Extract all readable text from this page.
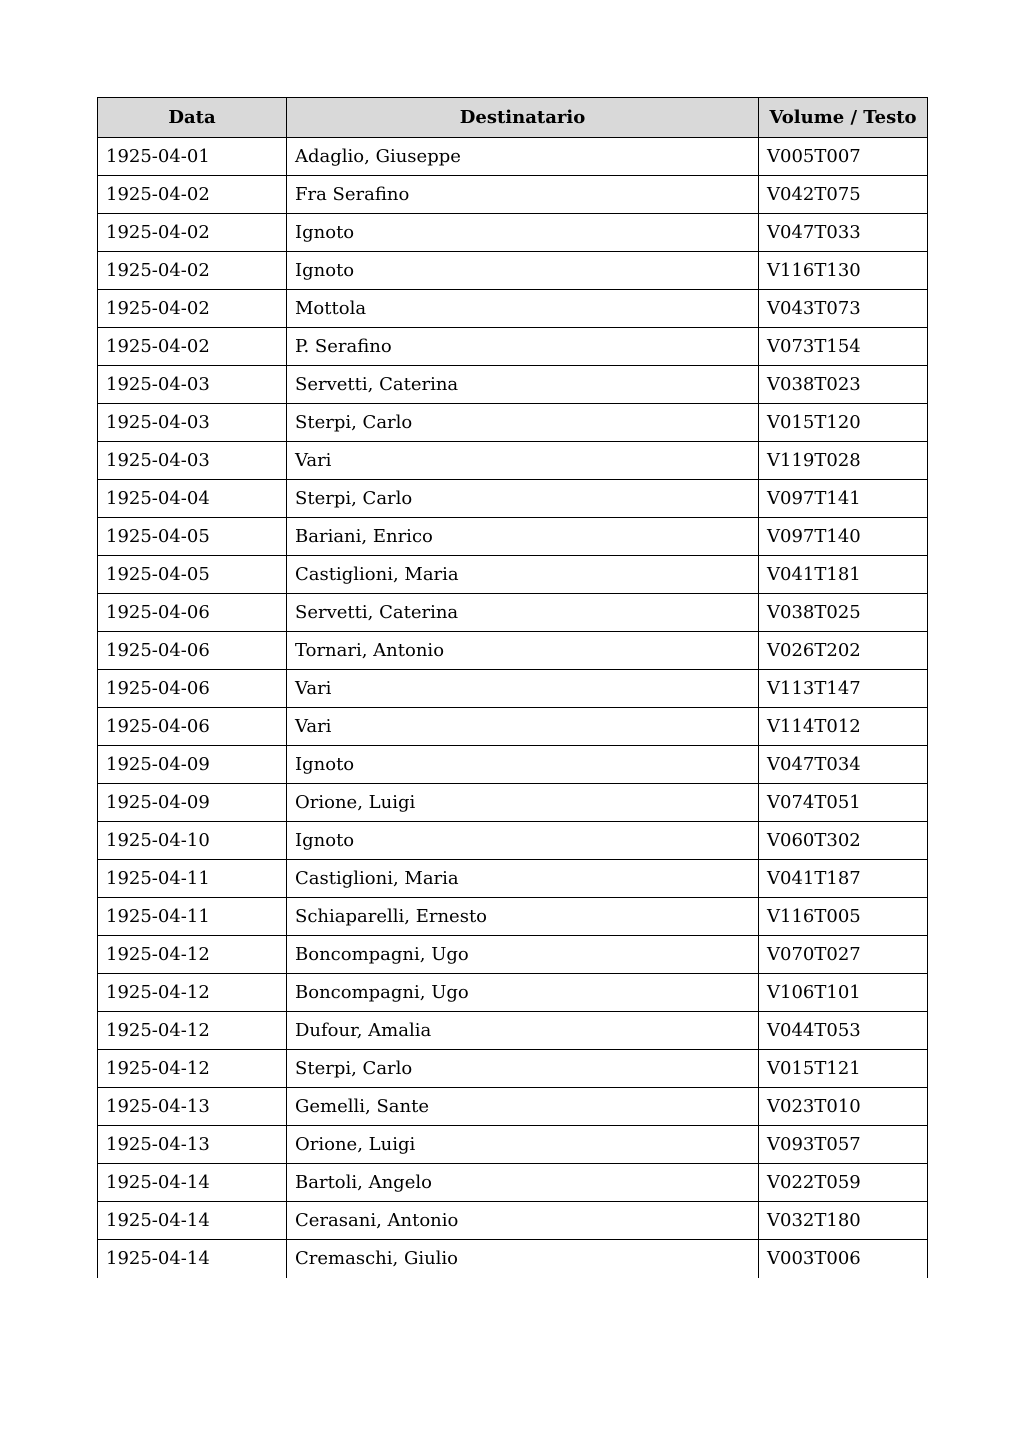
Data	Destinatario	Volume / Testo
1925-04-01	Adaglio, Giuseppe	V005T007
1925-04-02	Fra Serafino	V042T075
1925-04-02	Ignoto	V047T033
1925-04-02	Ignoto	V116T130
1925-04-02	Mottola	V043T073
1925-04-02	P. Serafino	V073T154
1925-04-03	Servetti, Caterina	V038T023
1925-04-03	Sterpi, Carlo	V015T120
1925-04-03	Vari	V119T028
1925-04-04	Sterpi, Carlo	V097T141
1925-04-05	Bariani, Enrico	V097T140
1925-04-05	Castiglioni, Maria	V041T181
1925-04-06	Servetti, Caterina	V038T025
1925-04-06	Tornari, Antonio	V026T202
1925-04-06	Vari	V113T147
1925-04-06	Vari	V114T012
1925-04-09	Ignoto	V047T034
1925-04-09	Orione, Luigi	V074T051
1925-04-10	Ignoto	V060T302
1925-04-11	Castiglioni, Maria	V041T187
1925-04-11	Schiaparelli, Ernesto	V116T005
1925-04-12	Boncompagni, Ugo	V070T027
1925-04-12	Boncompagni, Ugo	V106T101
1925-04-12	Dufour, Amalia	V044T053
1925-04-12	Sterpi, Carlo	V015T121
1925-04-13	Gemelli, Sante	V023T010
1925-04-13	Orione, Luigi	V093T057
1925-04-14	Bartoli, Angelo	V022T059
1925-04-14	Cerasani, Antonio	V032T180
1925-04-14	Cremaschi, Giulio	V003T006
